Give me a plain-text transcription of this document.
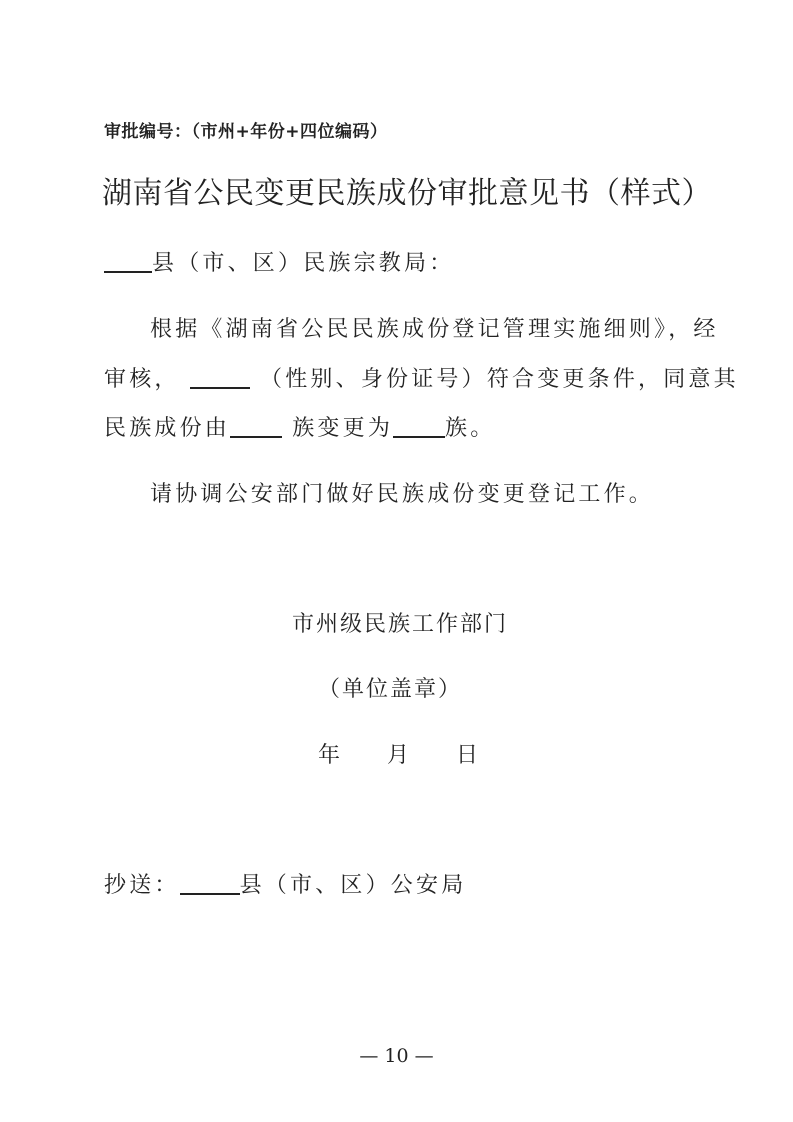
审批编号：（市州+年份+四位编码）
湖南省公民变更民族成份审批意见书（样式）
县（市、区）民族宗教局：
根据《湖南省公民民族成份登记管理实施细则》，经
审核，	（性别、身份证号）符合变更条件，同意其
民族成份由	族变更为 族。
请协调公安部门做好民族成份变更登记工作。
市州级民族工作部门
（单位盖章）
年　 月　 日
抄送：	县（市、区）公安局
— 10 —
